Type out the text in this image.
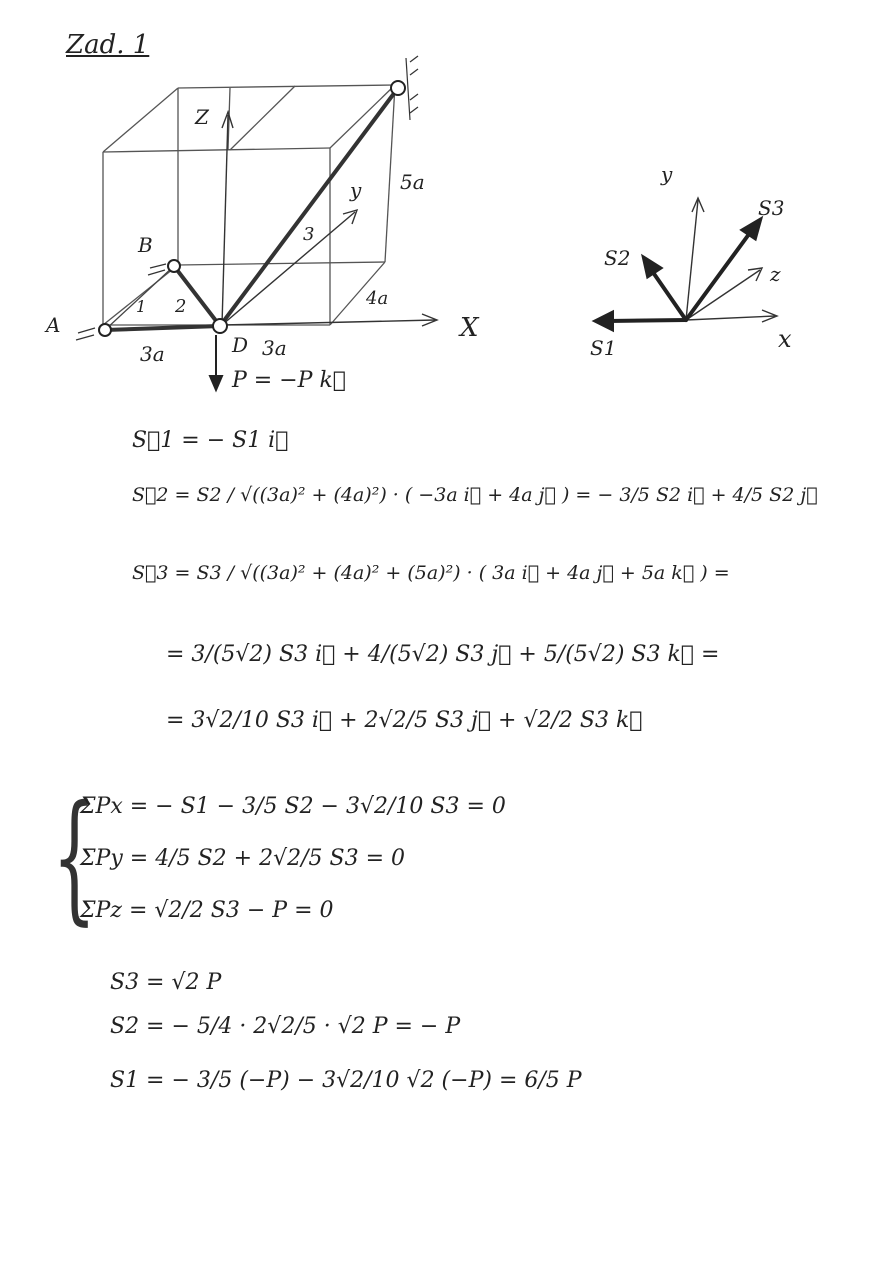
Zad. 1
A
B
D
1 2
3
Z
X
y
3a	3a
4a
5a
P = −P k⃗
y
x
z
S1
S2
S3
S⃗1 = − S1 i⃗
S⃗2 = S2 / √((3a)² + (4a)²) · ( −3a i⃗ + 4a j⃗ ) = − 3/5 S2 i⃗ + 4/5 S2 j⃗
S⃗3 = S3 / √((3a)² + (4a)² + (5a)²) · ( 3a i⃗ + 4a j⃗ + 5a k⃗ ) =
= 3/(5√2) S3 i⃗ + 4/(5√2) S3 j⃗ + 5/(5√2) S3 k⃗ =
= 3√2/10 S3 i⃗ + 2√2/5 S3 j⃗ + √2/2 S3 k⃗
{
ΣPx = − S1 − 3/5 S2 − 3√2/10 S3 = 0
ΣPy = 4/5 S2 + 2√2/5 S3 = 0
ΣPz = √2/2 S3 − P = 0
S3 = √2 P
S2 = − 5/4 · 2√2/5 · √2 P = − P
S1 = − 3/5 (−P) − 3√2/10 √2 (−P) = 6/5 P
